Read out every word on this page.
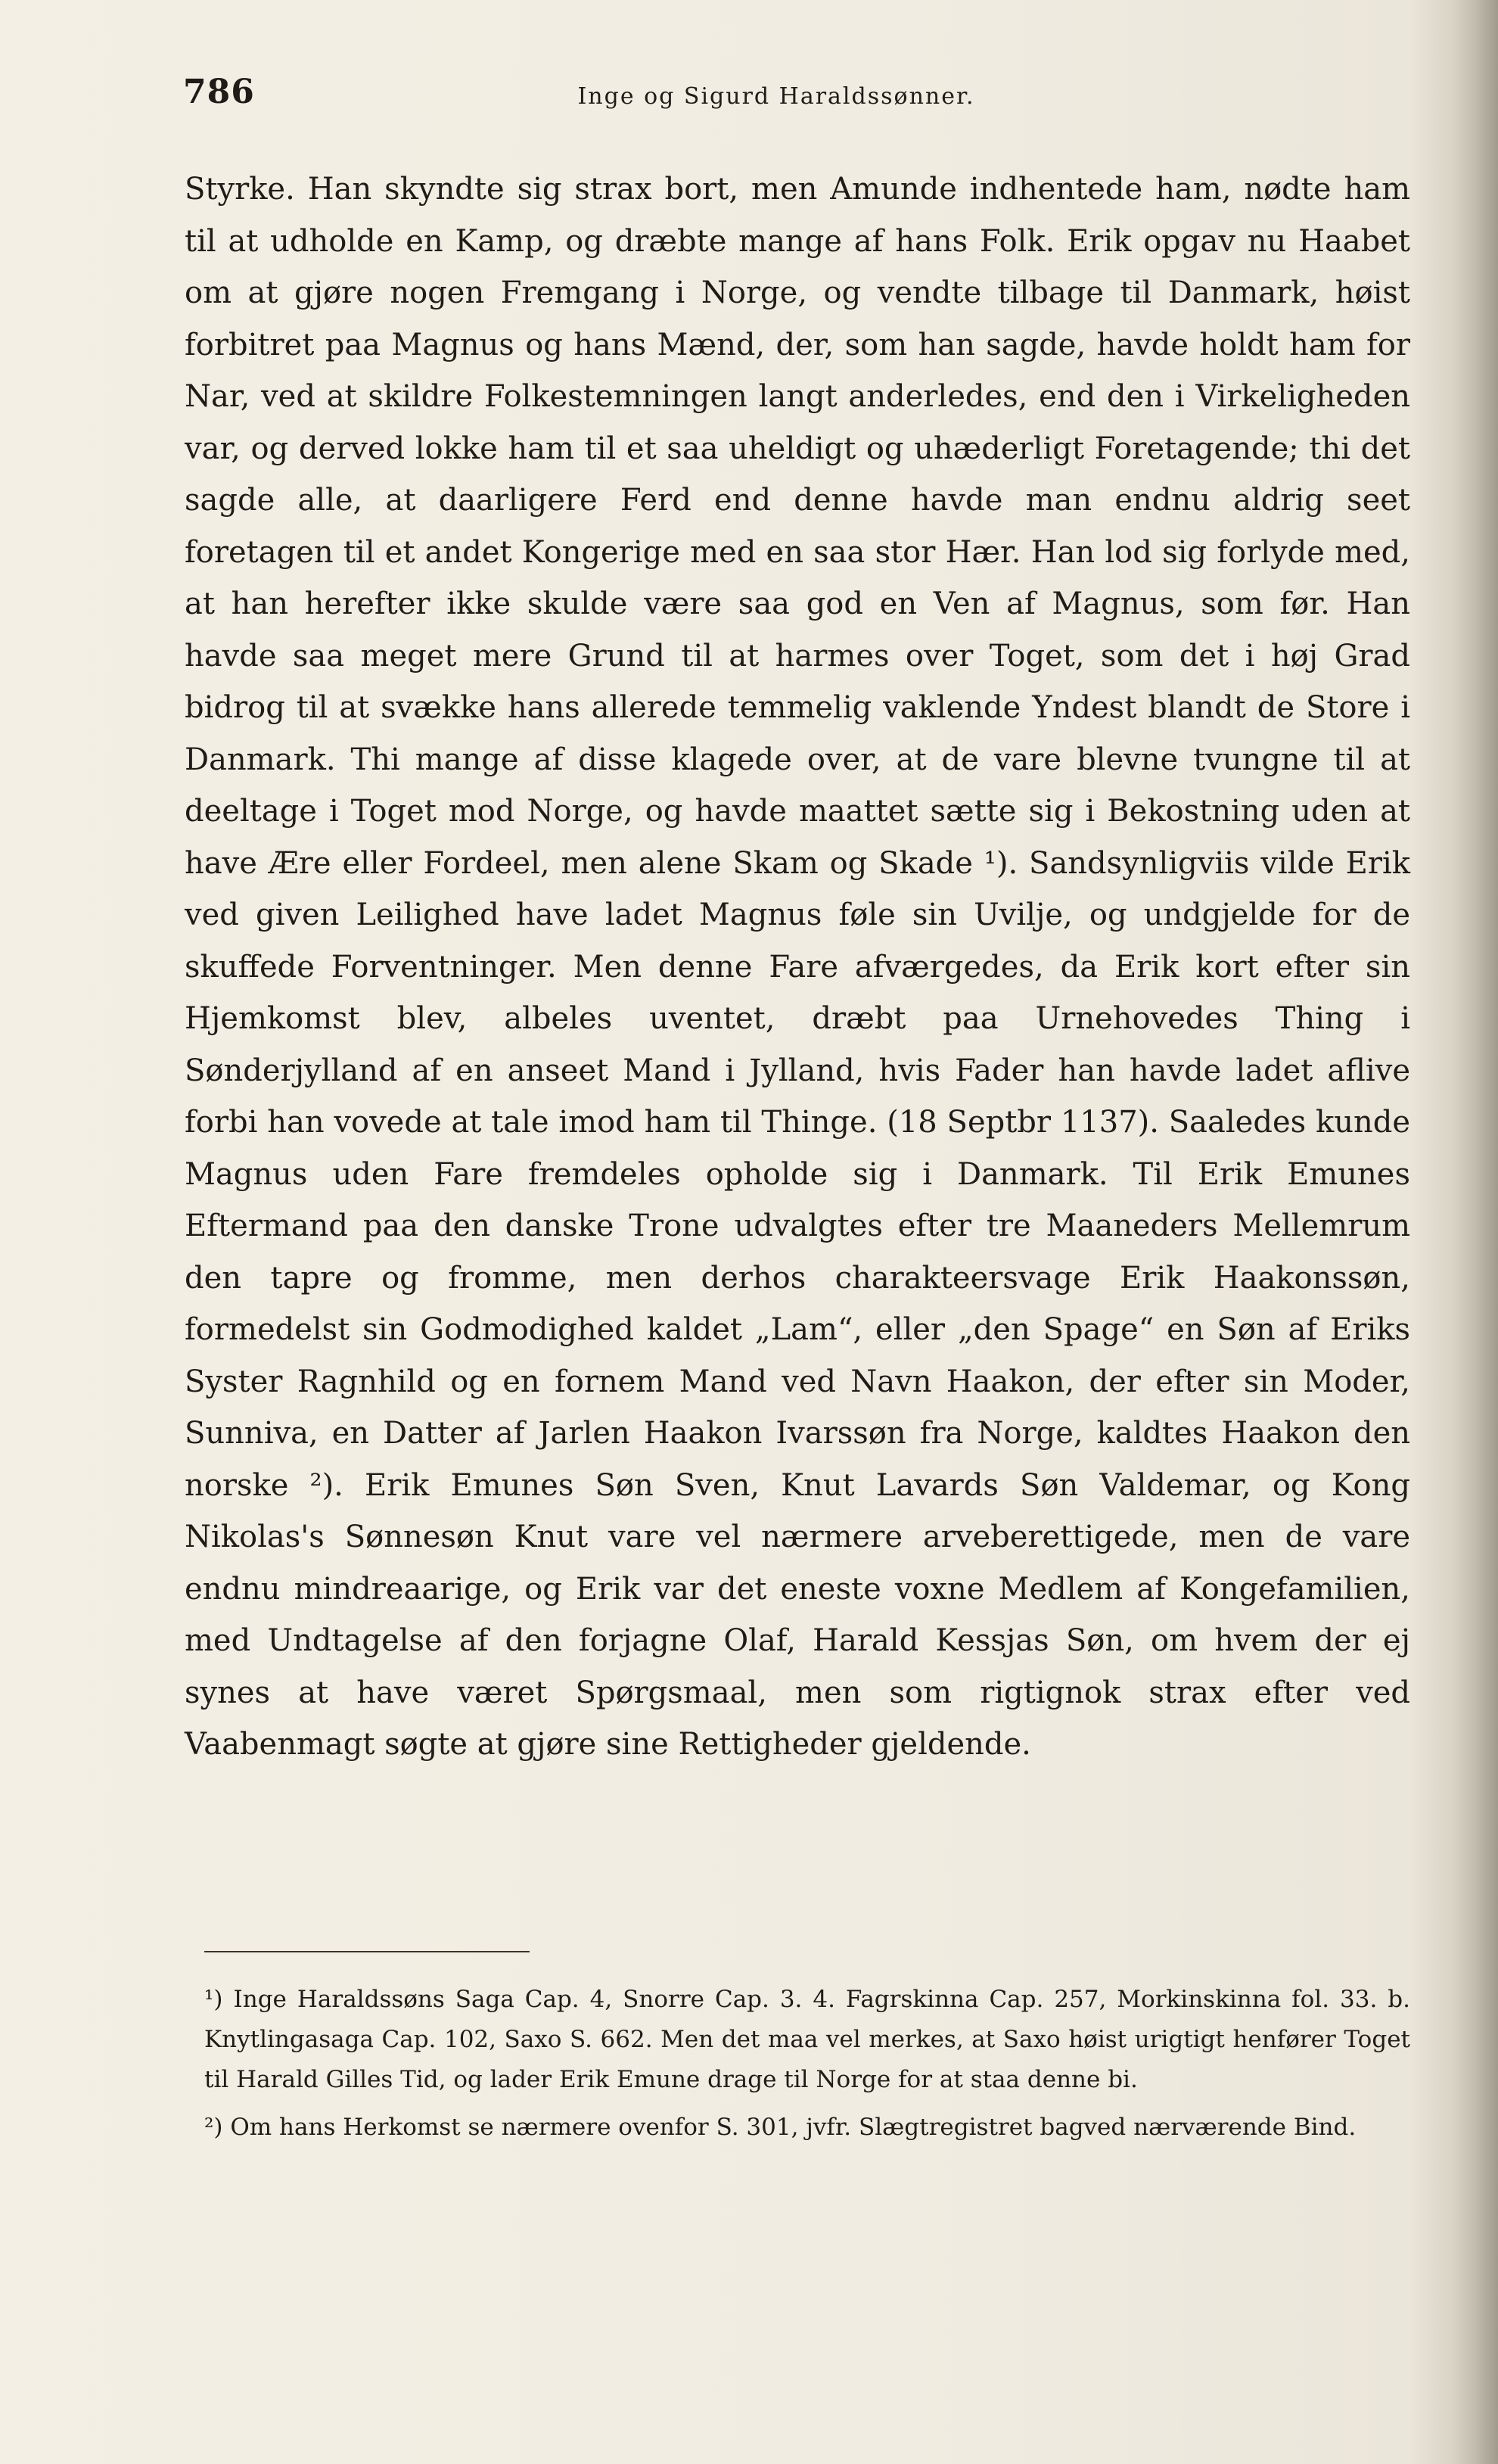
786	Inge og Sigurd Haraldssønner.

Styrke. Han skyndte sig strax bort, men Amunde indhentede ham, nødte ham til at udholde en Kamp, og dræbte mange af hans Folk. Erik opgav nu Haabet om at gjøre nogen Fremgang i Norge, og vendte tilbage til Danmark, høist forbitret paa Magnus og hans Mænd, der, som han sagde, havde holdt ham for Nar, ved at skildre Folkestemningen langt anderledes, end den i Virkeligheden var, og derved lokke ham til et saa uheldigt og uhæderligt Foretagende; thi det sagde alle, at daarligere Ferd end denne havde man endnu aldrig seet foretagen til et andet Kongerige med en saa stor Hær. Han lod sig forlyde med, at han herefter ikke skulde være saa god en Ven af Magnus, som før. Han havde saa meget mere Grund til at harmes over Toget, som det i høj Grad bidrog til at svække hans allerede temmelig vaklende Yndest blandt de Store i Danmark. Thi mange af disse klagede over, at de vare blevne tvungne til at deeltage i Toget mod Norge, og havde maattet sætte sig i Bekostning uden at have Ære eller Fordeel, men alene Skam og Skade ¹). Sandsynligviis vilde Erik ved given Leilighed have ladet Magnus føle sin Uvilje, og undgjelde for de skuffede Forventninger. Men denne Fare afværgedes, da Erik kort efter sin Hjemkomst blev, albeles uventet, dræbt paa Urnehovedes Thing i Sønderjylland af en anseet Mand i Jylland, hvis Fader han havde ladet aflive forbi han vovede at tale imod ham til Thinge. (18 Septbr 1137). Saaledes kunde Magnus uden Fare fremdeles opholde sig i Danmark. Til Erik Emunes Eftermand paa den danske Trone udvalgtes efter tre Maaneders Mellemrum den tapre og fromme, men derhos charakteersvage Erik Haakonssøn, formedelst sin Godmodighed kaldet „Lam“, eller „den Spage“ en Søn af Eriks Syster Ragnhild og en fornem Mand ved Navn Haakon, der efter sin Moder, Sunniva, en Datter af Jarlen Haakon Ivarssøn fra Norge, kaldtes Haakon den norske ²). Erik Emunes Søn Sven, Knut Lavards Søn Valdemar, og Kong Nikolas's Sønnesøn Knut vare vel nærmere arveberettigede, men de vare endnu mindreaarige, og Erik var det eneste voxne Medlem af Kongefamilien, med Undtagelse af den forjagne Olaf, Harald Kessjas Søn, om hvem der ej synes at have været Spørgsmaal, men som rigtignok strax efter ved Vaabenmagt søgte at gjøre sine Rettigheder gjeldende.

¹) Inge Haraldssøns Saga Cap. 4, Snorre Cap. 3. 4. Fagrskinna Cap. 257, Morkinskinna fol. 33. b. Knytlingasaga Cap. 102, Saxo S. 662. Men det maa vel merkes, at Saxo høist urigtigt henfører Toget til Harald Gilles Tid, og lader Erik Emune drage til Norge for at staa denne bi.
²) Om hans Herkomst se nærmere ovenfor S. 301, jvfr. Slægtregistret bagved nærværende Bind.
